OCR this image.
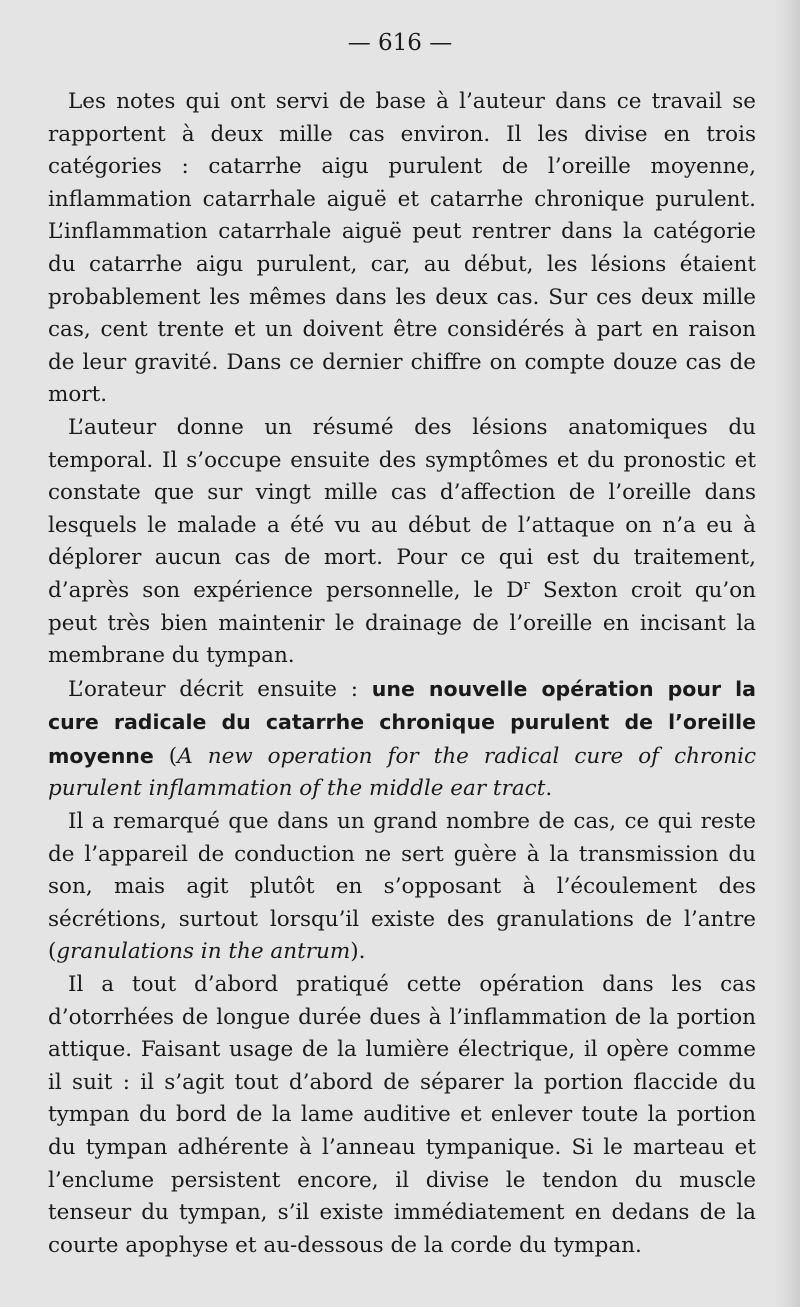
— 616 —

Les notes qui ont servi de base à l’auteur dans ce travail se rapportent à deux mille cas environ. Il les divise en trois catégories : catarrhe aigu purulent de l’oreille moyenne, inflammation catarrhale aiguë et catarrhe chronique purulent. L’inflammation catarrhale aiguë peut rentrer dans la catégorie du catarrhe aigu purulent, car, au début, les lésions étaient probablement les mêmes dans les deux cas. Sur ces deux mille cas, cent trente et un doivent être considérés à part en raison de leur gravité. Dans ce dernier chiffre on compte douze cas de mort.

L’auteur donne un résumé des lésions anatomiques du temporal. Il s’occupe ensuite des symptômes et du pronostic et constate que sur vingt mille cas d’affection de l’oreille dans lesquels le malade a été vu au début de l’attaque on n’a eu à déplorer aucun cas de mort. Pour ce qui est du traitement, d’après son expérience personnelle, le $D^r$ Sexton croit qu’on peut très bien maintenir le drainage de l’oreille en incisant la membrane du tympan.

L’orateur décrit ensuite : une nouvelle opération pour la cure radicale du catarrhe chronique purulent de l’oreille moyenne (A new operation for the radical cure of chronic purulent inflammation of the middle ear tract.

Il a remarqué que dans un grand nombre de cas, ce qui reste de l’appareil de conduction ne sert guère à la transmission du son, mais agit plutôt en s’opposant à l’écoulement des sécrétions, surtout lorsqu’il existe des granulations de l’antre (granulations in the antrum).

Il a tout d’abord pratiqué cette opération dans les cas d’otorrhées de longue durée dues à l’inflammation de la portion attique. Faisant usage de la lumière électrique, il opère comme il suit : il s’agit tout d’abord de séparer la portion flaccide du tympan du bord de la lame auditive et enlever toute la portion du tympan adhérente à l’anneau tympanique. Si le marteau et l’enclume persistent encore, il divise le tendon du muscle tenseur du tympan, s’il existe immédiatement en dedans de la courte apophyse et au-dessous de la corde du tympan.
